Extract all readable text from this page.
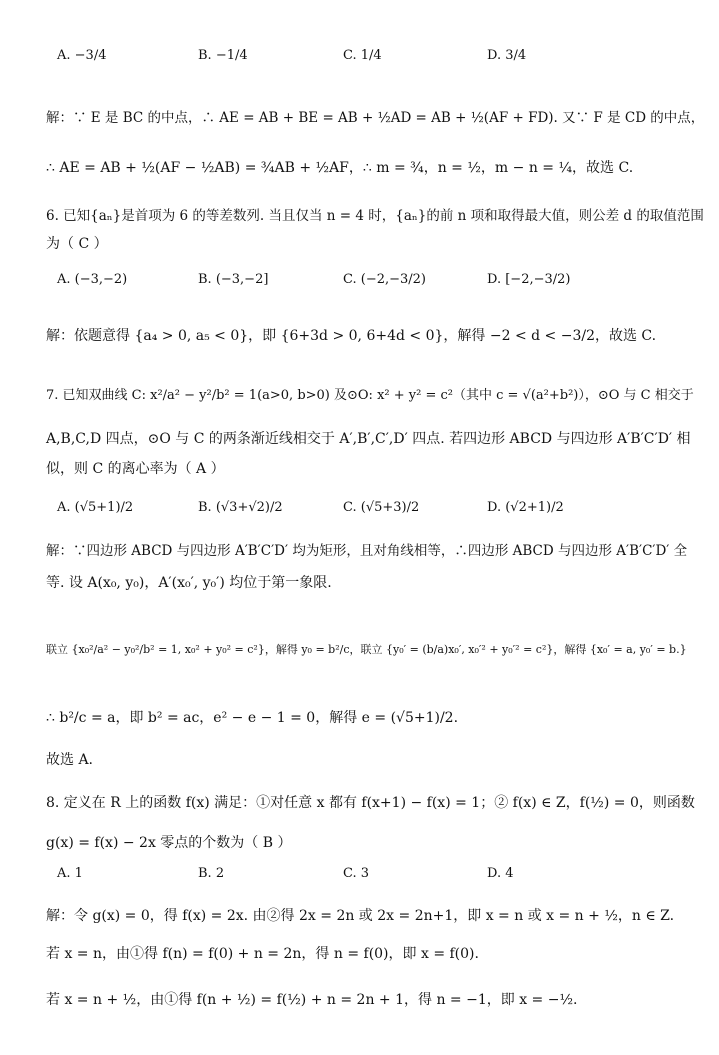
A. −3/4	B. −1/4	C. 1/4	D. 3/4
解：∵ E 是 BC 的中点，∴ AE = AB + BE = AB + ½AD = AB + ½(AF + FD). 又∵ F 是 CD 的中点，
∴ AE = AB + ½(AF − ½AB) = ¾AB + ½AF，∴ m = ¾，n = ½，m − n = ¼，故选 C.
6. 已知{aₙ}是首项为 6 的等差数列. 当且仅当 n = 4 时，{aₙ}的前 n 项和取得最大值，则公差 d 的取值范围
为（ C ）
A. (−3,−2)	B. (−3,−2]	C. (−2,−3/2)	D. [−2,−3/2)
解：依题意得 {a₄ > 0, a₅ < 0}，即 {6+3d > 0, 6+4d < 0}，解得 −2 < d < −3/2，故选 C.
7. 已知双曲线 C: x²/a² − y²/b² = 1(a>0, b>0) 及⊙O: x² + y² = c²（其中 c = √(a²+b²)），⊙O 与 C 相交于
A,B,C,D 四点，⊙O 与 C 的两条渐近线相交于 A′,B′,C′,D′ 四点. 若四边形 ABCD 与四边形 A′B′C′D′ 相
似，则 C 的离心率为（ A ）
A. (√5+1)/2	B. (√3+√2)/2	C. (√5+3)/2	D. (√2+1)/2
解：∵四边形 ABCD 与四边形 A′B′C′D′ 均为矩形，且对角线相等，∴四边形 ABCD 与四边形 A′B′C′D′ 全
等. 设 A(x₀, y₀)，A′(x₀′, y₀′) 均位于第一象限.
联立 {x₀²/a² − y₀²/b² = 1, x₀² + y₀² = c²}，解得 y₀ = b²/c，联立 {y₀′ = (b/a)x₀′, x₀′² + y₀′² = c²}，解得 {x₀′ = a, y₀′ = b.}
∴ b²/c = a，即 b² = ac，e² − e − 1 = 0，解得 e = (√5+1)/2.
故选 A.
8. 定义在 R 上的函数 f(x) 满足：①对任意 x 都有 f(x+1) − f(x) = 1；② f(x) ∈ Z，f(½) = 0，则函数
g(x) = f(x) − 2x 零点的个数为（ B ）
A. 1	B. 2	C. 3	D. 4
解：令 g(x) = 0，得 f(x) = 2x. 由②得 2x = 2n 或 2x = 2n+1，即 x = n 或 x = n + ½，n ∈ Z.
若 x = n，由①得 f(n) = f(0) + n = 2n，得 n = f(0)，即 x = f(0).
若 x = n + ½，由①得 f(n + ½) = f(½) + n = 2n + 1，得 n = −1，即 x = −½.
